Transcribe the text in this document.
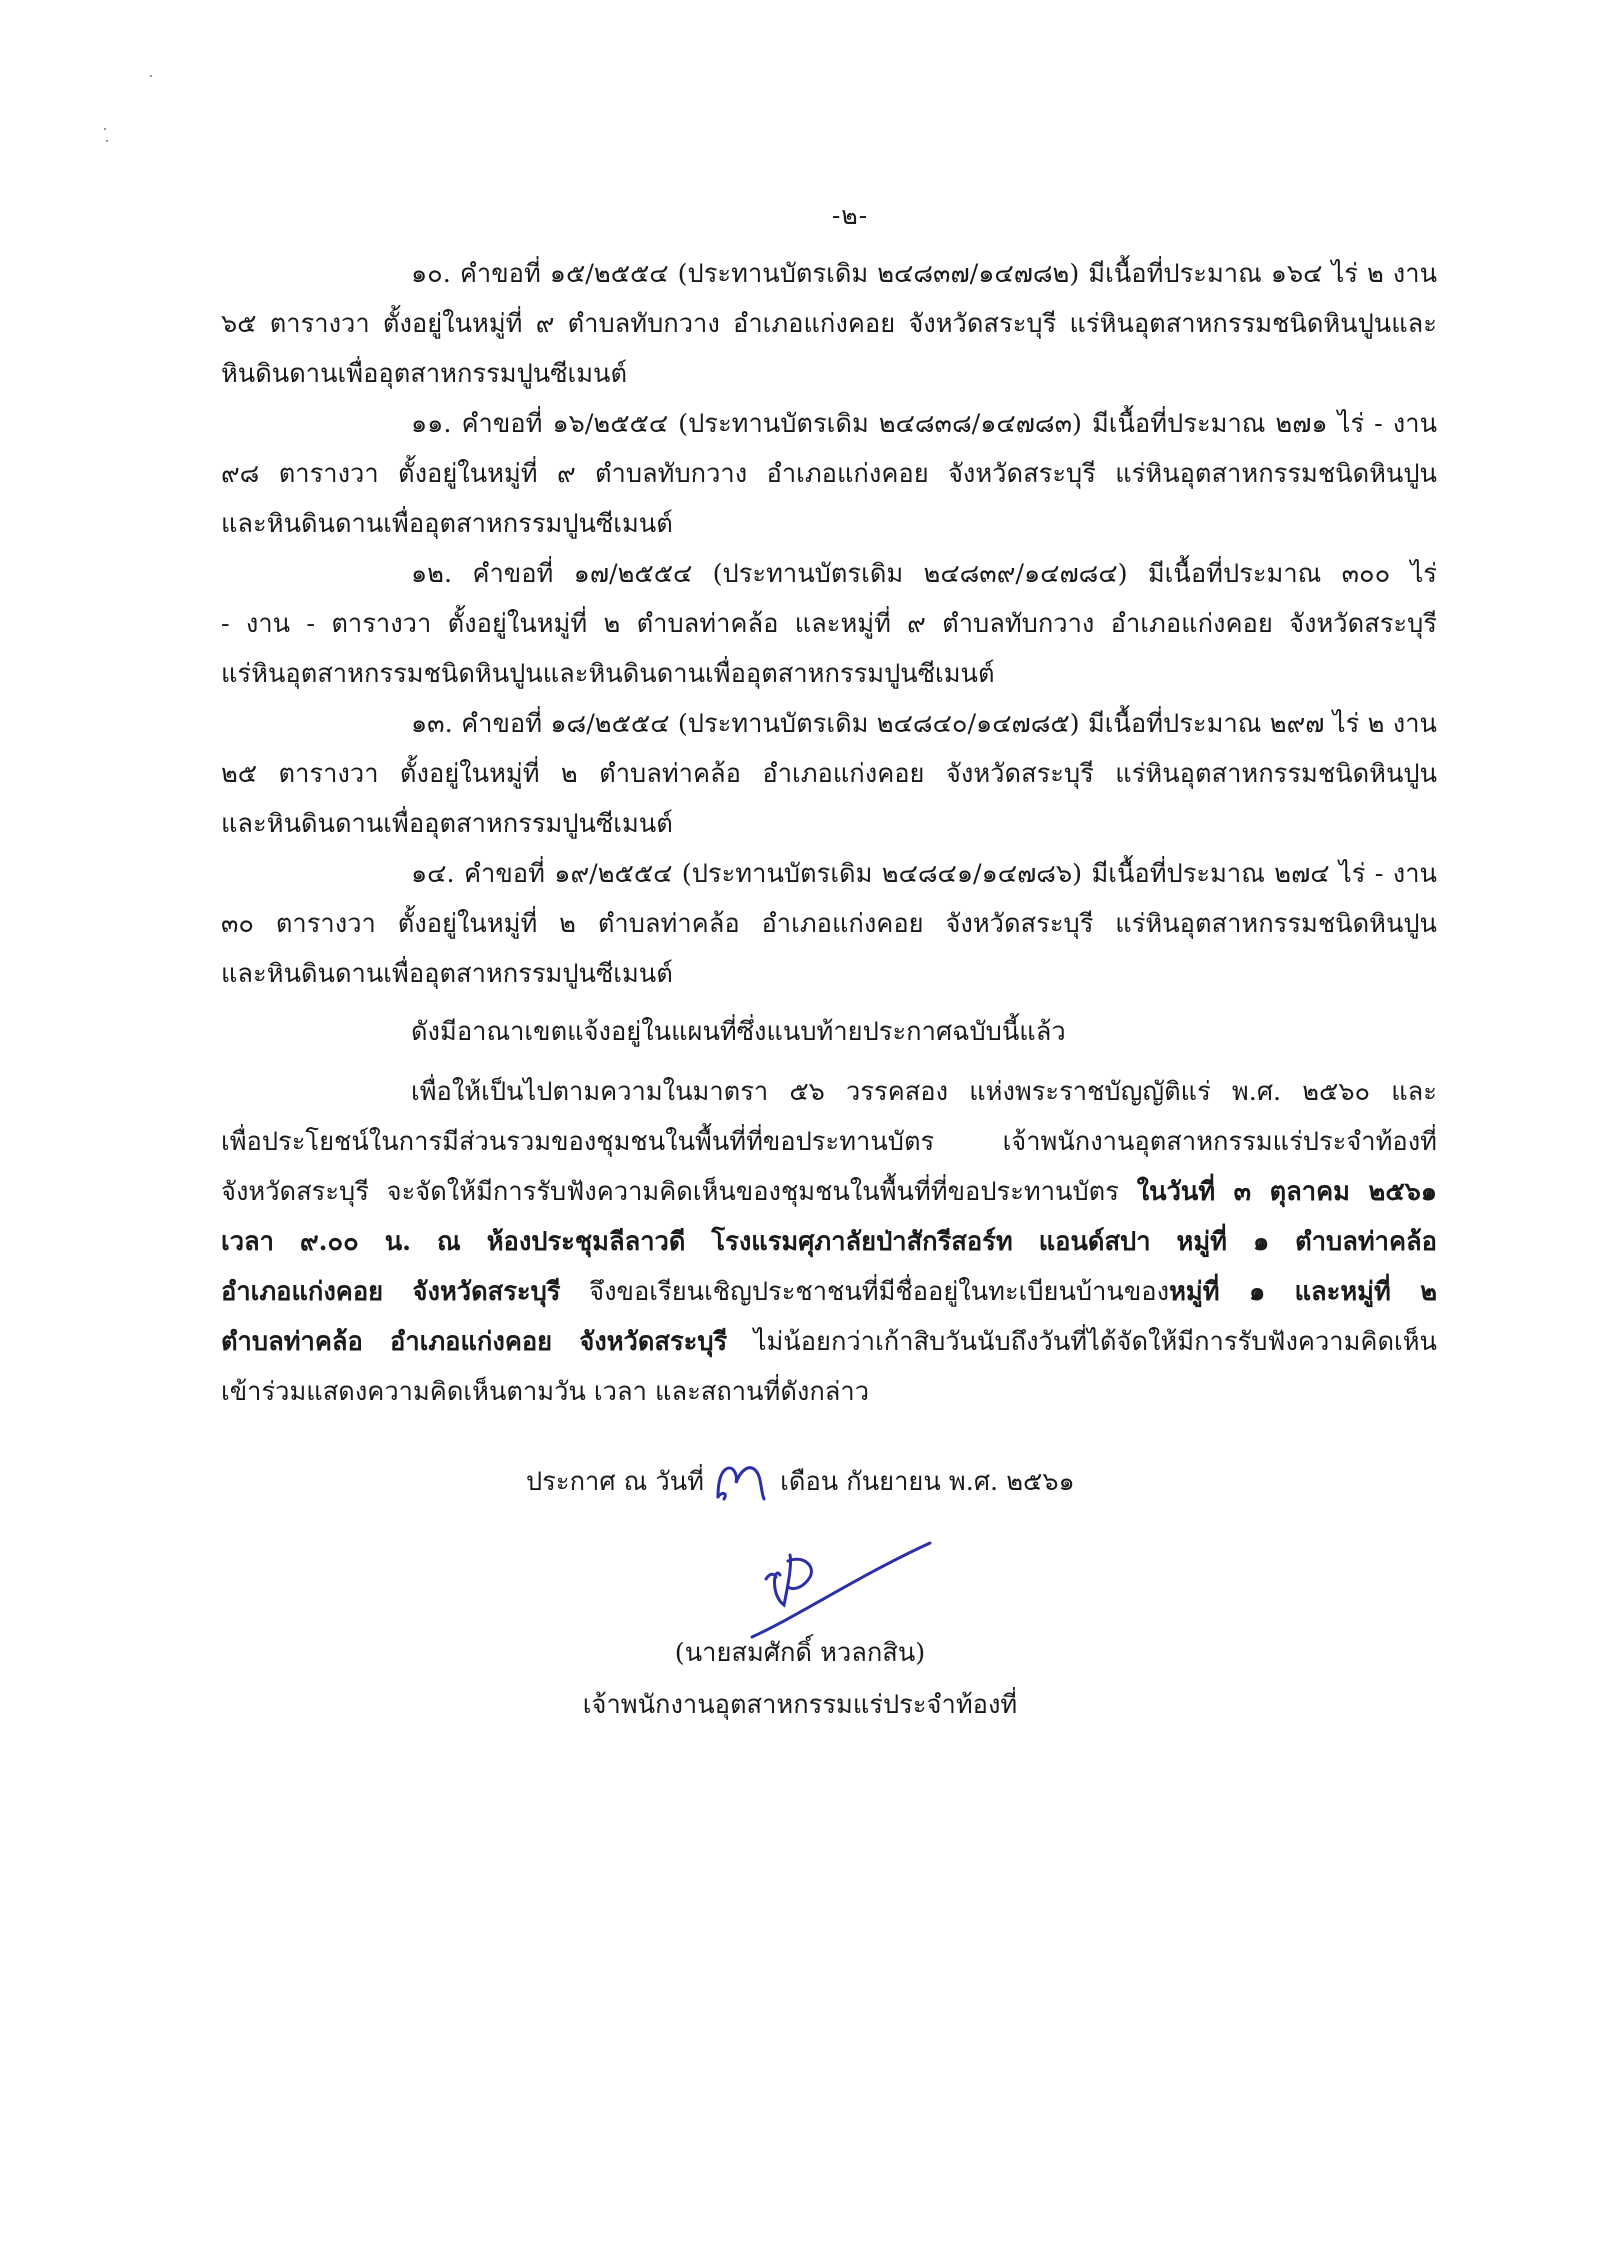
-๒-
๑๐. คำขอที่ ๑๕/๒๕๕๔ (ประทานบัตรเดิม ๒๔๘๓๗/๑๔๗๘๒) มีเนื้อที่ประมาณ ๑๖๔ ไร่ ๒ งาน
๖๕ ตารางวา ตั้งอยู่ในหมู่ที่ ๙ ตำบลทับกวาง อำเภอแก่งคอย จังหวัดสระบุรี แร่หินอุตสาหกรรมชนิดหินปูนและ
หินดินดานเพื่ออุตสาหกรรมปูนซีเมนต์
๑๑. คำขอที่ ๑๖/๒๕๕๔ (ประทานบัตรเดิม ๒๔๘๓๘/๑๔๗๘๓) มีเนื้อที่ประมาณ ๒๗๑ ไร่ - งาน
๙๘ ตารางวา ตั้งอยู่ในหมู่ที่ ๙ ตำบลทับกวาง อำเภอแก่งคอย จังหวัดสระบุรี แร่หินอุตสาหกรรมชนิดหินปูน
และหินดินดานเพื่ออุตสาหกรรมปูนซีเมนต์
๑๒. คำขอที่ ๑๗/๒๕๕๔ (ประทานบัตรเดิม ๒๔๘๓๙/๑๔๗๘๔) มีเนื้อที่ประมาณ ๓๐๐ ไร่
- งาน - ตารางวา ตั้งอยู่ในหมู่ที่ ๒ ตำบลท่าคล้อ และหมู่ที่ ๙ ตำบลทับกวาง อำเภอแก่งคอย จังหวัดสระบุรี
แร่หินอุตสาหกรรมชนิดหินปูนและหินดินดานเพื่ออุตสาหกรรมปูนซีเมนต์
๑๓. คำขอที่ ๑๘/๒๕๕๔ (ประทานบัตรเดิม ๒๔๘๔๐/๑๔๗๘๕) มีเนื้อที่ประมาณ ๒๙๗ ไร่ ๒ งาน
๒๕ ตารางวา ตั้งอยู่ในหมู่ที่ ๒ ตำบลท่าคล้อ อำเภอแก่งคอย จังหวัดสระบุรี แร่หินอุตสาหกรรมชนิดหินปูน
และหินดินดานเพื่ออุตสาหกรรมปูนซีเมนต์
๑๔. คำขอที่ ๑๙/๒๕๕๔ (ประทานบัตรเดิม ๒๔๘๔๑/๑๔๗๘๖) มีเนื้อที่ประมาณ ๒๗๔ ไร่ - งาน
๓๐ ตารางวา ตั้งอยู่ในหมู่ที่ ๒ ตำบลท่าคล้อ อำเภอแก่งคอย จังหวัดสระบุรี แร่หินอุตสาหกรรมชนิดหินปูน
และหินดินดานเพื่ออุตสาหกรรมปูนซีเมนต์
ดังมีอาณาเขตแจ้งอยู่ในแผนที่ซึ่งแนบท้ายประกาศฉบับนี้แล้ว
เพื่อให้เป็นไปตามความในมาตรา ๕๖ วรรคสอง แห่งพระราชบัญญัติแร่ พ.ศ. ๒๕๖๐ และ
เพื่อประโยชน์ในการมีส่วนรวมของชุมชนในพื้นที่ที่ขอประทานบัตร เจ้าพนักงานอุตสาหกรรมแร่ประจำท้องที่
จังหวัดสระบุรี จะจัดให้มีการรับฟังความคิดเห็นของชุมชนในพื้นที่ที่ขอประทานบัตร ในวันที่ ๓ ตุลาคม ๒๕๖๑
เวลา ๙.๐๐ น. ณ ห้องประชุมลีลาวดี โรงแรมศุภาลัยป่าสักรีสอร์ท แอนด์สปา หมู่ที่ ๑ ตำบลท่าคล้อ
อำเภอแก่งคอย จังหวัดสระบุรี จึงขอเรียนเชิญประชาชนที่มีชื่ออยู่ในทะเบียนบ้านของหมู่ที่ ๑ และหมู่ที่ ๒
ตำบลท่าคล้อ อำเภอแก่งคอย จังหวัดสระบุรี ไม่น้อยกว่าเก้าสิบวันนับถึงวันที่ได้จัดให้มีการรับฟังความคิดเห็น
เข้าร่วมแสดงความคิดเห็นตามวัน เวลา และสถานที่ดังกล่าว
ประกาศ ณ วันที่	เดือน กันยายน พ.ศ. ๒๕๖๑
(นายสมศักดิ์ หวลกสิน)
เจ้าพนักงานอุตสาหกรรมแร่ประจำท้องที่
